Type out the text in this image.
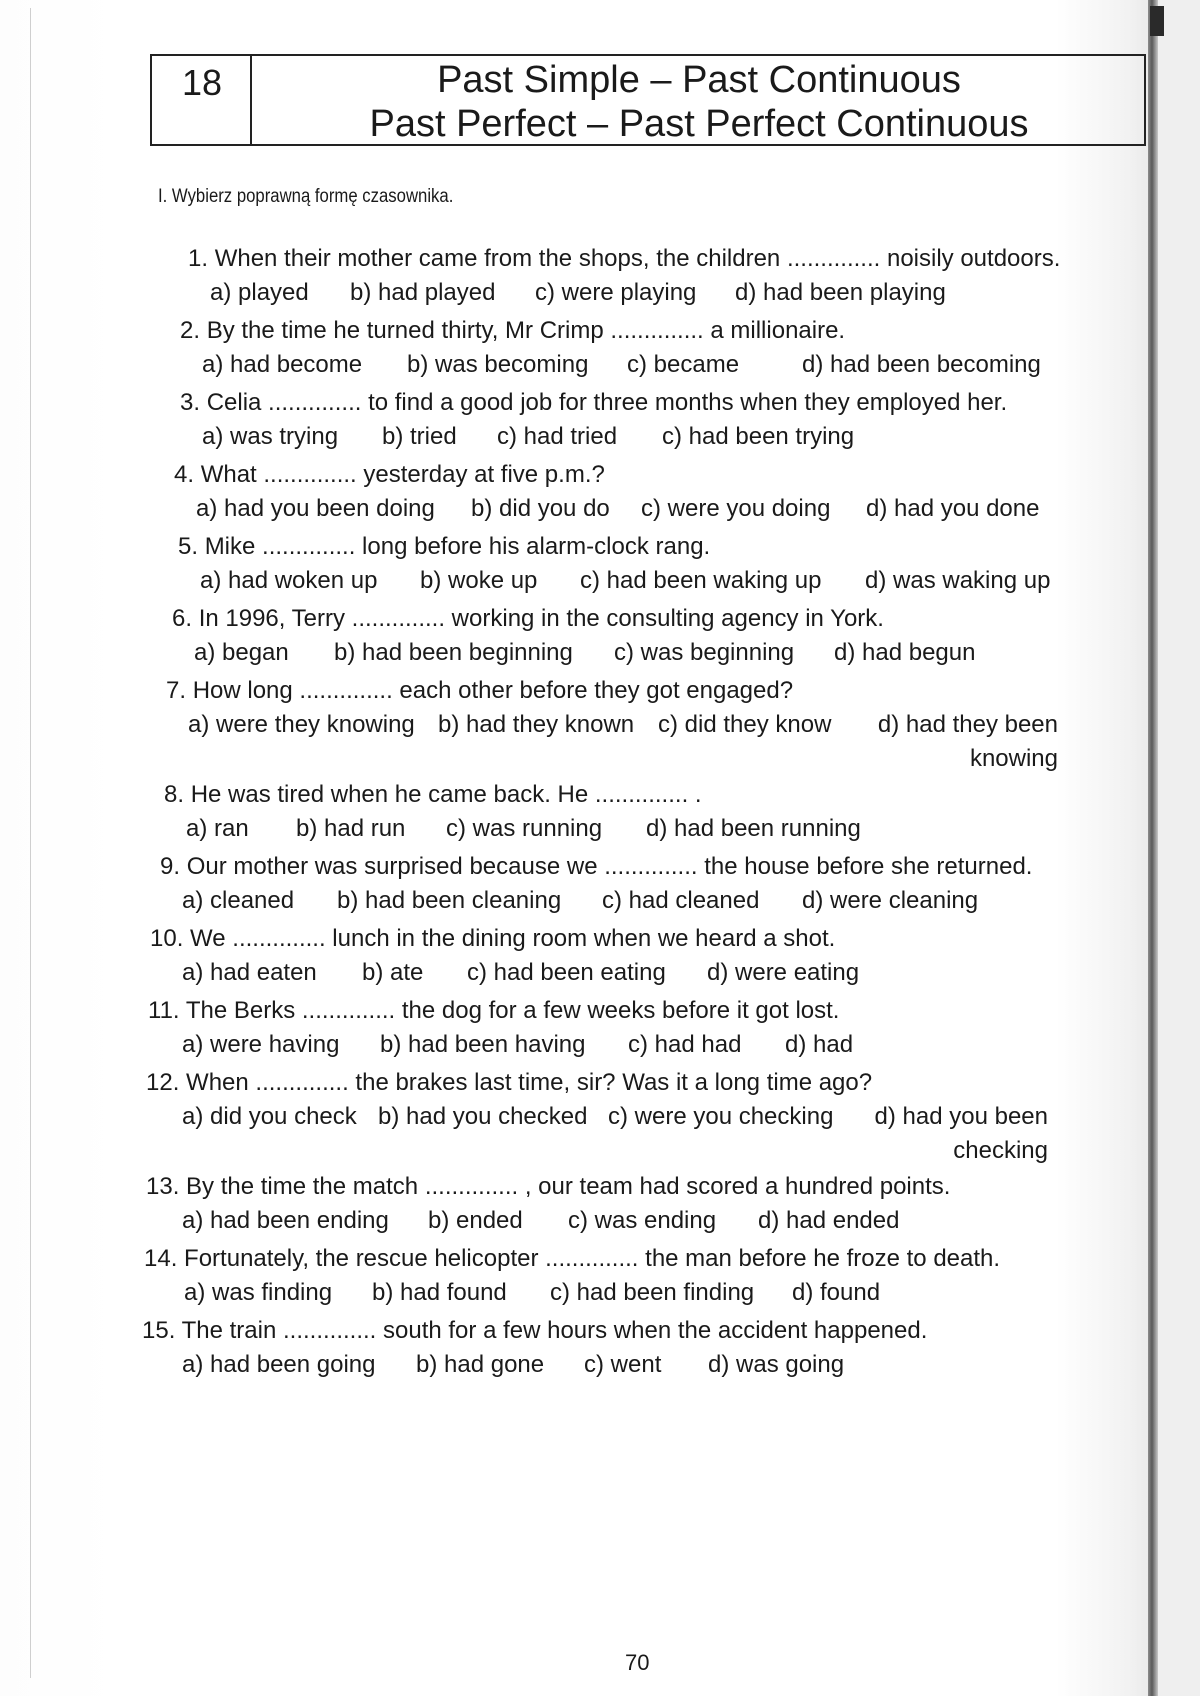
18	Past Simple – Past Continuous
Past Perfect – Past Perfect Continuous
I. Wybierz poprawną formę czasownika.
1. When their mother came from the shops, the children .............. noisily outdoors.
a) played b) had played c) were playing d) had been playing
2. By the time he turned thirty, Mr Crimp .............. a millionaire.
a) had become b) was becoming c) became	d) had been becoming
3. Celia .............. to find a good job for three months when they employed her.
a) was trying b) tried c) had tried c) had been trying
4. What .............. yesterday at five p.m.?
a) had you been doing b) did you do c) were you doing d) had you done
5. Mike .............. long before his alarm-clock rang.
a) had woken up b) woke up c) had been waking up d) was waking up
6. In 1996, Terry .............. working in the consulting agency in York.
a) began b) had been beginning c) was beginning d) had begun
7. How long .............. each other before they got engaged?
a) were they knowing b) had they known c) did they know	d) had they been knowing
8. He was tired when he came back. He .............. .
a) ran b) had run c) was running d) had been running
9. Our mother was surprised because we .............. the house before she returned.
a) cleaned b) had been cleaning c) had cleaned d) were cleaning
10. We .............. lunch in the dining room when we heard a shot.
a) had eaten b) ate c) had been eating d) were eating
11. The Berks .............. the dog for a few weeks before it got lost.
a) were having b) had been having c) had had d) had
12. When .............. the brakes last time, sir? Was it a long time ago?
a) did you check b) had you checked c) were you checking	d) had you been checking
13. By the time the match .............. , our team had scored a hundred points.
a) had been ending b) ended c) was ending d) had ended
14. Fortunately, the rescue helicopter .............. the man before he froze to death.
a) was finding b) had found c) had been finding d) found
15. The train .............. south for a few hours when the accident happened.
a) had been going b) had gone c) went d) was going
70
